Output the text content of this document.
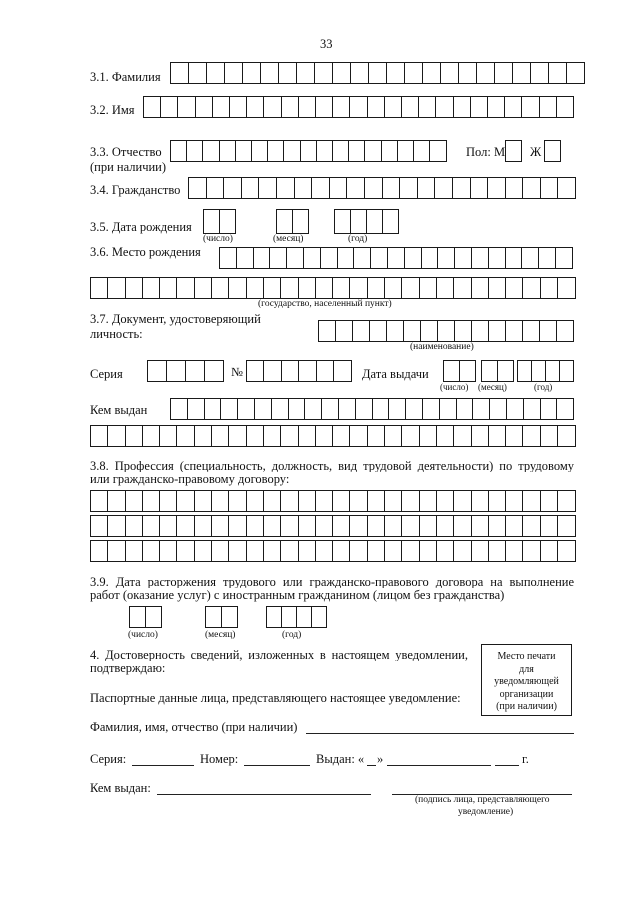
33
3.1. Фамилия
3.2. Имя
3.3. Отчество
(при наличии)
Пол: М Ж
3.4. Гражданство
3.5. Дата рождения
(число)	(месяц)	(год)
3.6. Место рождения
(государство, населенный пункт)
3.7. Документ, удостоверяющий
личность:
(наименование)
Серия	№	Дата выдачи
(число) (месяц)	(год)
Кем выдан
3.8. Профессия (специальность, должность, вид трудовой деятельности) по трудовому
или гражданско-правовому договору:
3.9. Дата расторжения трудового или гражданско-правового договора на выполнение
работ (оказание услуг) с иностранным гражданином (лицом без гражданства)
(число)	(месяц)	(год)
4. Достоверность сведений, изложенных в настоящем уведомлении,
подтверждаю:
Паспортные данные лица, представляющего настоящее уведомление:
Место печати
для
уведомляющей
организации
(при наличии)
Фамилия, имя, отчество (при наличии)
Серия:	Номер:	Выдан: « »	г.
Кем выдан:
(подпись лица, представляющего
уведомление)
